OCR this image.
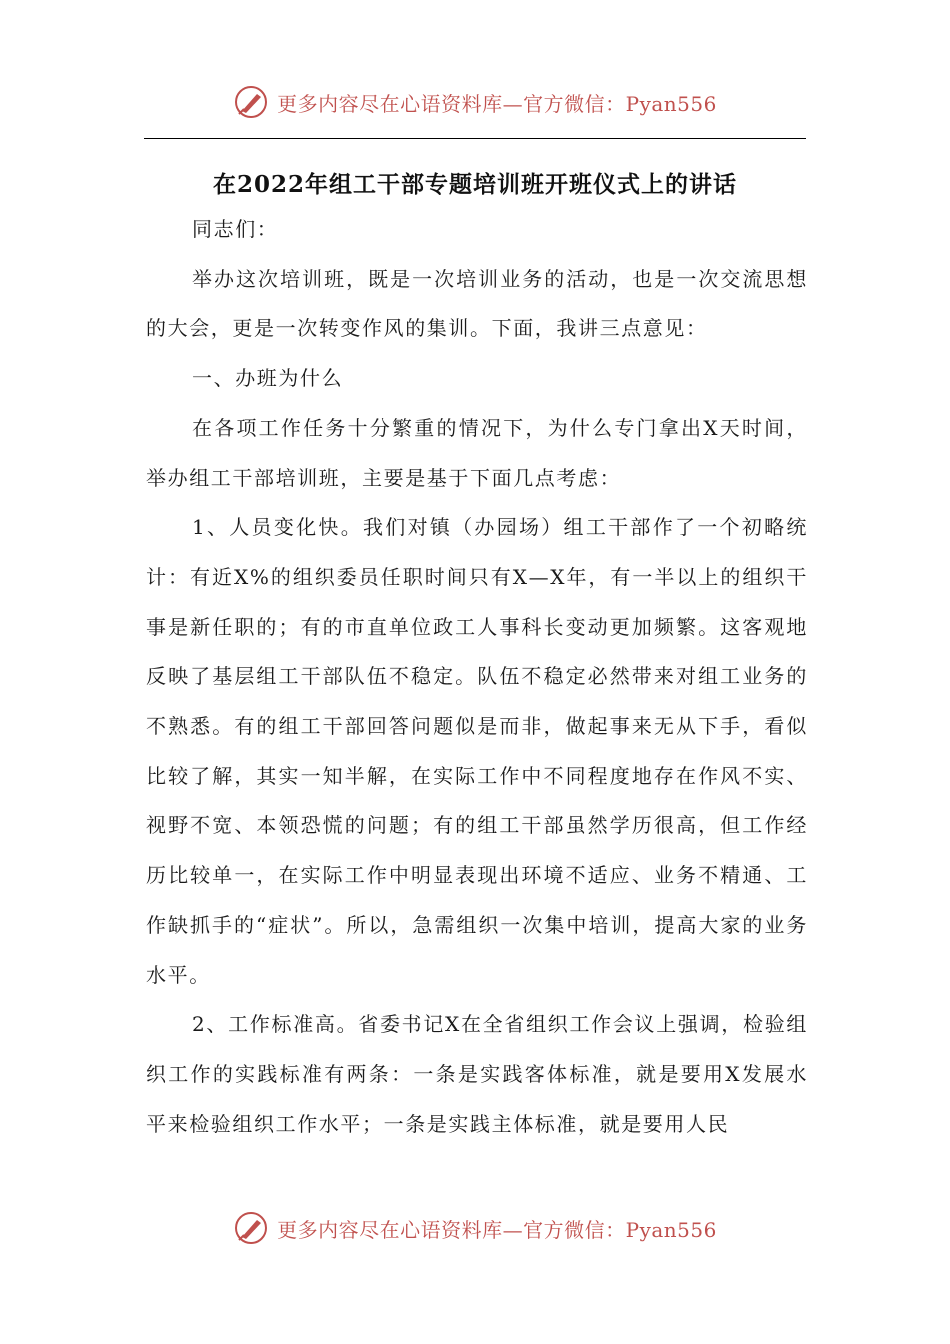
更多内容尽在心语资料库—官方微信：Pyan556
在2022年组工干部专题培训班开班仪式上的讲话

同志们：

举办这次培训班，既是一次培训业务的活动，也是一次交流思想的大会，更是一次转变作风的集训。下面，我讲三点意见：

一、办班为什么

在各项工作任务十分繁重的情况下，为什么专门拿出X天时间，举办组工干部培训班，主要是基于下面几点考虑：

1、人员变化快。我们对镇（办园场）组工干部作了一个初略统计：有近X%的组织委员任职时间只有X—X年，有一半以上的组织干事是新任职的；有的市直单位政工人事科长变动更加频繁。这客观地反映了基层组工干部队伍不稳定。队伍不稳定必然带来对组工业务的不熟悉。有的组工干部回答问题似是而非，做起事来无从下手，看似比较了解，其实一知半解，在实际工作中不同程度地存在作风不实、视野不宽、本领恐慌的问题；有的组工干部虽然学历很高，但工作经历比较单一，在实际工作中明显表现出环境不适应、业务不精通、工作缺抓手的“症状”。所以，急需组织一次集中培训，提高大家的业务水平。

2、工作标准高。省委书记X在全省组织工作会议上强调，检验组织工作的实践标准有两条：一条是实践客体标准，就是要用X发展水平来检验组织工作水平；一条是实践主体标准，就是要用人民

更多内容尽在心语资料库—官方微信：Pyan556
